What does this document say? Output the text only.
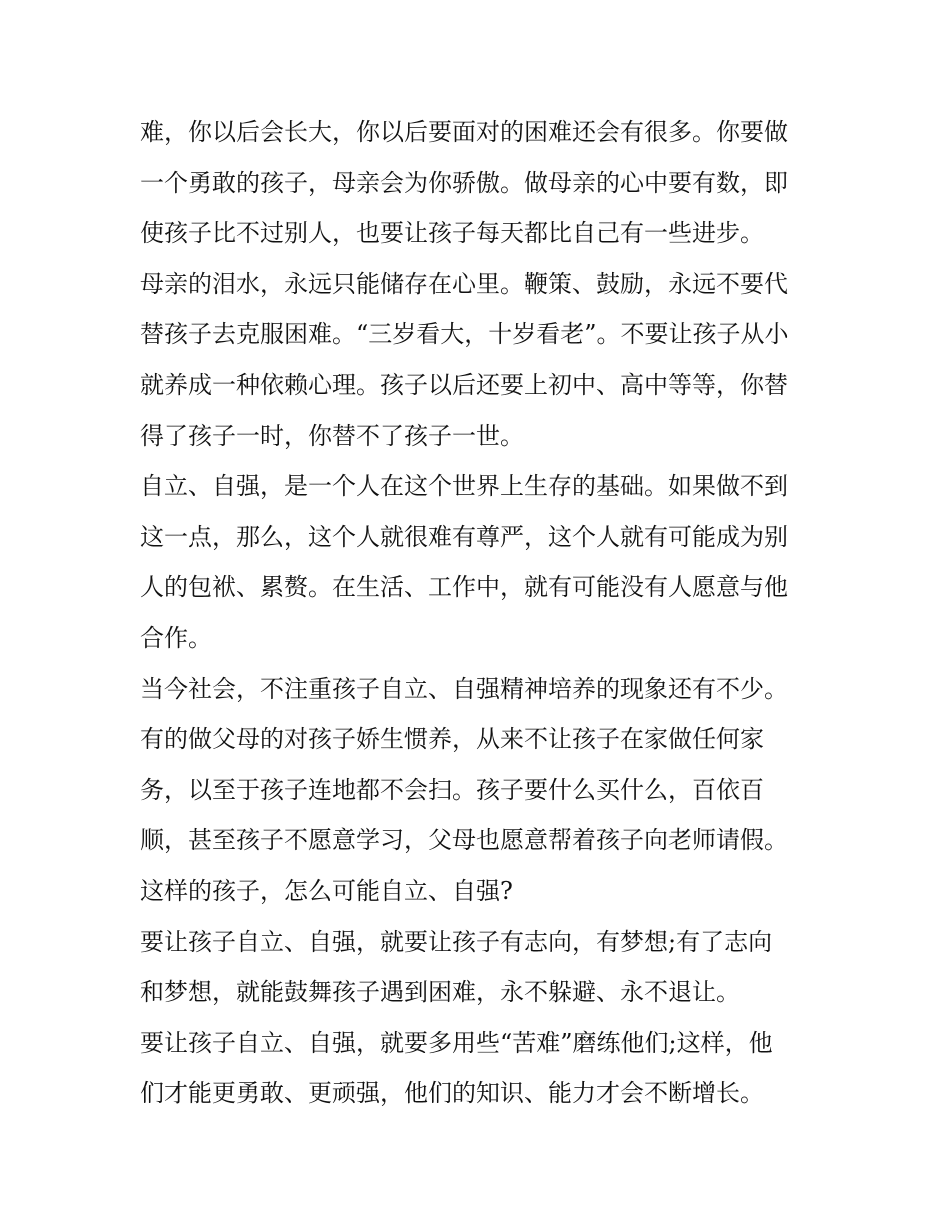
难，你以后会长大，你以后要面对的困难还会有很多。你要做
一个勇敢的孩子，母亲会为你骄傲。做母亲的心中要有数，即
使孩子比不过别人，也要让孩子每天都比自己有一些进步。
母亲的泪水，永远只能储存在心里。鞭策、鼓励，永远不要代
替孩子去克服困难。“三岁看大，十岁看老”。不要让孩子从小
就养成一种依赖心理。孩子以后还要上初中、高中等等，你替
得了孩子一时，你替不了孩子一世。
自立、自强，是一个人在这个世界上生存的基础。如果做不到
这一点，那么，这个人就很难有尊严，这个人就有可能成为别
人的包袱、累赘。在生活、工作中，就有可能没有人愿意与他
合作。
当今社会，不注重孩子自立、自强精神培养的现象还有不少。
有的做父母的对孩子娇生惯养，从来不让孩子在家做任何家
务，以至于孩子连地都不会扫。孩子要什么买什么，百依百
顺，甚至孩子不愿意学习，父母也愿意帮着孩子向老师请假。
这样的孩子，怎么可能自立、自强?
要让孩子自立、自强，就要让孩子有志向，有梦想;有了志向
和梦想，就能鼓舞孩子遇到困难，永不躲避、永不退让。
要让孩子自立、自强，就要多用些“苦难”磨练他们;这样，他
们才能更勇敢、更顽强，他们的知识、能力才会不断增长。
